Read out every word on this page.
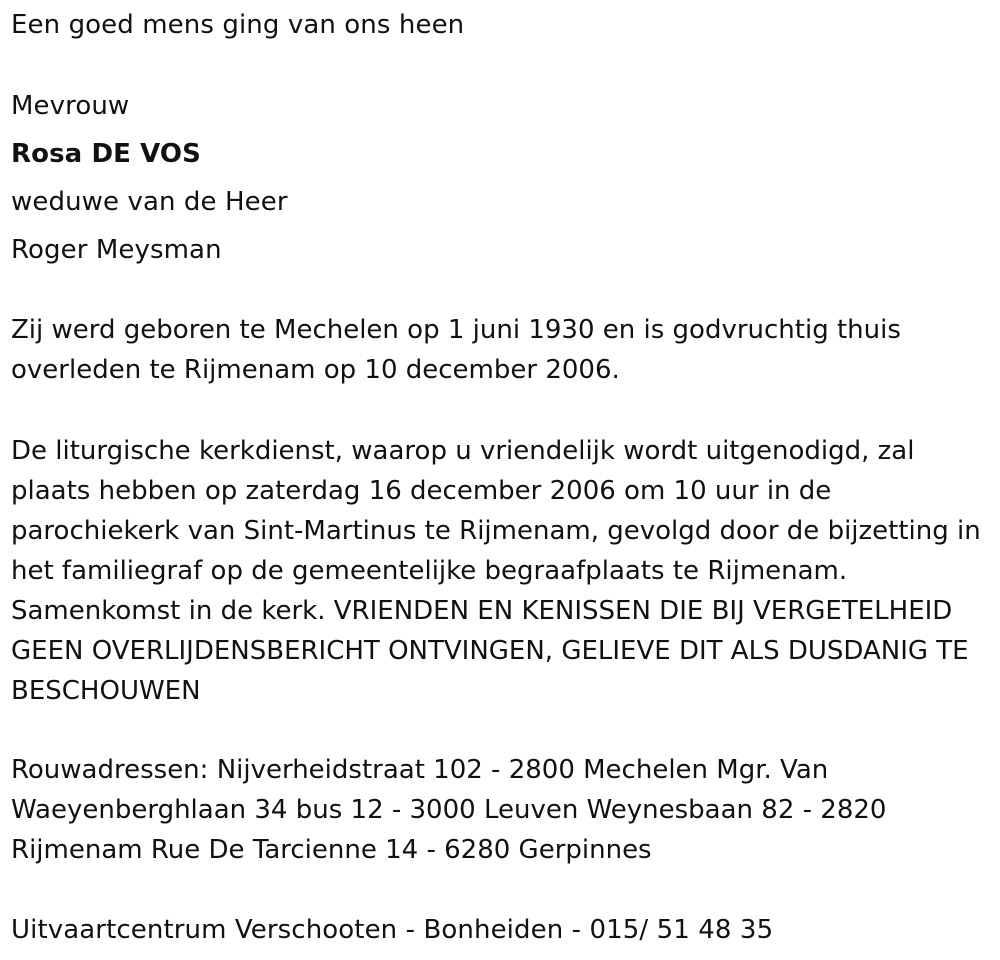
Een goed mens ging van ons heen
Mevrouw
Rosa DE VOS
weduwe van de Heer
Roger Meysman
Zij werd geboren te Mechelen op 1 juni 1930 en is godvruchtig thuis overleden te Rijmenam op 10 december 2006.
De liturgische kerkdienst, waarop u vriendelijk wordt uitgenodigd, zal plaats hebben op zaterdag 16 december 2006 om 10 uur in de parochiekerk van Sint-Martinus te Rijmenam, gevolgd door de bijzetting in het familiegraf op de gemeentelijke begraafplaats te Rijmenam. Samenkomst in de kerk. VRIENDEN EN KENISSEN DIE BIJ VERGETELHEID GEEN OVERLIJDENSBERICHT ONTVINGEN, GELIEVE DIT ALS DUSDANIG TE BESCHOUWEN
Rouwadressen: Nijverheidstraat 102 - 2800 Mechelen Mgr. Van Waeyenberghlaan 34 bus 12 - 3000 Leuven Weynesbaan 82 - 2820 Rijmenam Rue De Tarcienne 14 - 6280 Gerpinnes
Uitvaartcentrum Verschooten - Bonheiden - 015/ 51 48 35
